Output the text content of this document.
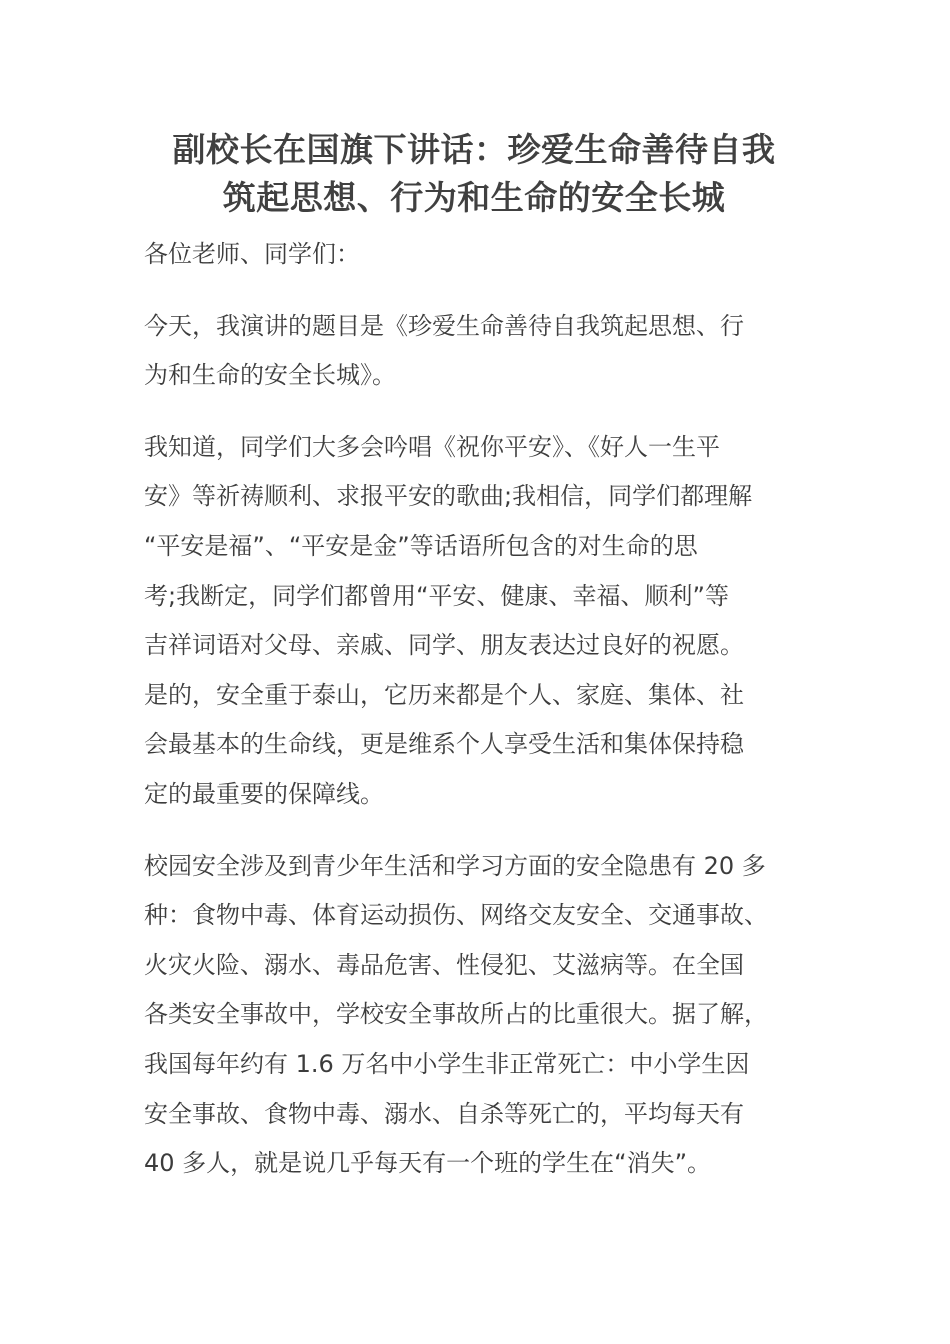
副校长在国旗下讲话：珍爱生命善待自我
筑起思想、行为和生命的安全长城

各位老师、同学们：

今天，我演讲的题目是《珍爱生命善待自我筑起思想、行
为和生命的安全长城》。

我知道，同学们大多会吟唱《祝你平安》、《好人一生平
安》等祈祷顺利、求报平安的歌曲;我相信，同学们都理解
“平安是福”、“平安是金”等话语所包含的对生命的思
考;我断定，同学们都曾用“平安、健康、幸福、顺利”等
吉祥词语对父母、亲戚、同学、朋友表达过良好的祝愿。
是的，安全重于泰山，它历来都是个人、家庭、集体、社
会最基本的生命线，更是维系个人享受生活和集体保持稳
定的最重要的保障线。

校园安全涉及到青少年生活和学习方面的安全隐患有 20 多
种：食物中毒、体育运动损伤、网络交友安全、交通事故、
火灾火险、溺水、毒品危害、性侵犯、艾滋病等。在全国
各类安全事故中，学校安全事故所占的比重很大。据了解，
我国每年约有 1.6 万名中小学生非正常死亡：中小学生因
安全事故、食物中毒、溺水、自杀等死亡的，平均每天有
40 多人，就是说几乎每天有一个班的学生在“消失”。
